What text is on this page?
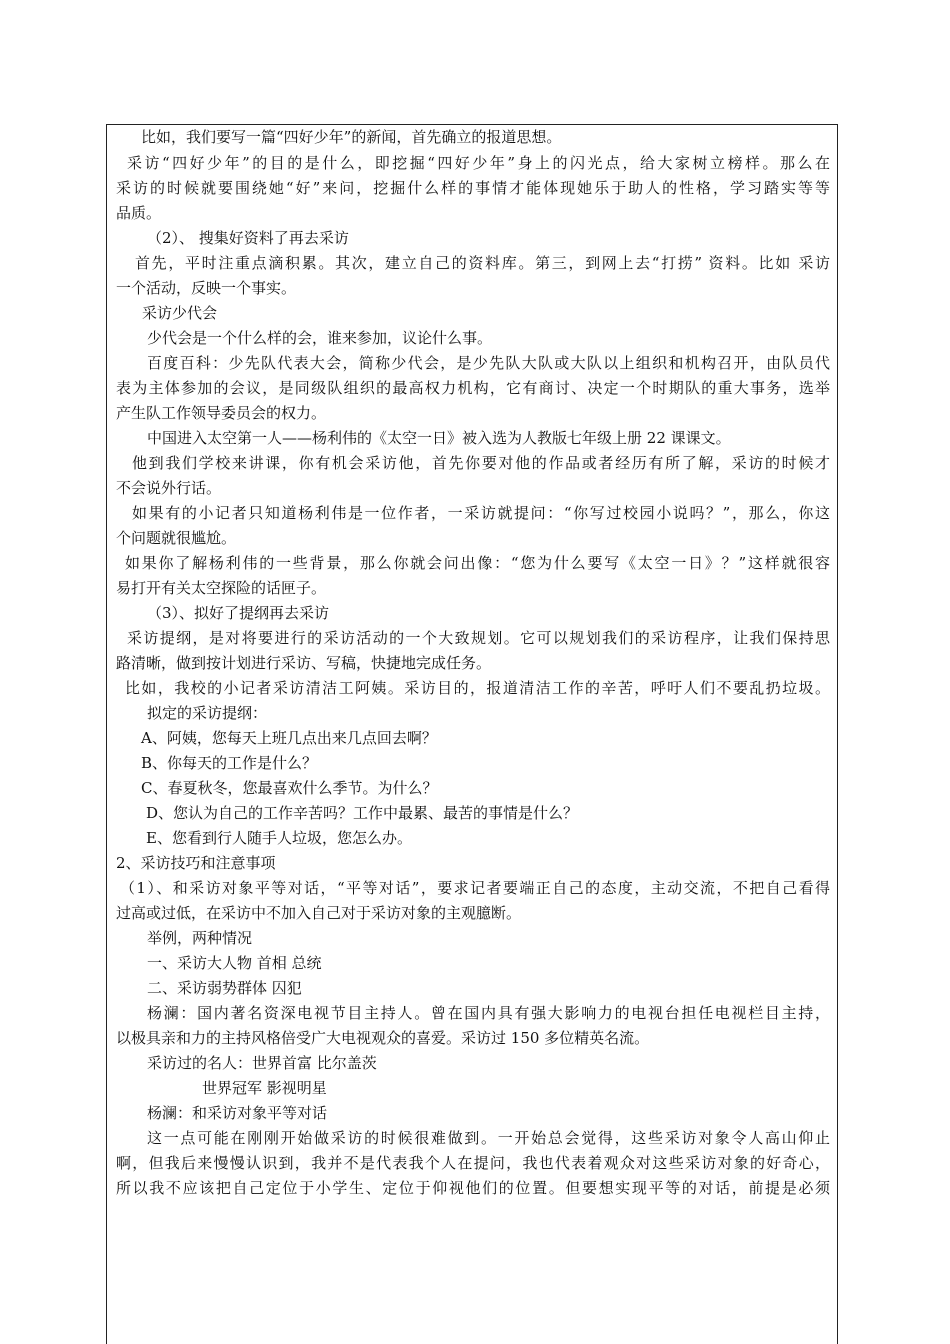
比如，我们要写一篇“四好少年”的新闻，首先确立的报道思想。
采访“四好少年”的目的是什么，即挖掘“四好少年”身上的闪光点，给大家树立榜样。那么在
采访的时候就要围绕她“好”来问，挖掘什么样的事情才能体现她乐于助人的性格，学习踏实等等
品质。
（2）、 搜集好资料了再去采访
首先，平时注重点滴积累。其次，建立自己的资料库。第三，到网上去“打捞” 资料。比如 采访
一个活动，反映一个事实。
采访少代会
少代会是一个什么样的会，谁来参加，议论什么事。
百度百科：少先队代表大会，简称少代会，是少先队大队或大队以上组织和机构召开，由队员代
表为主体参加的会议，是同级队组织的最高权力机构，它有商讨、决定一个时期队的重大事务，选举
产生队工作领导委员会的权力。
中国进入太空第一人——杨利伟的《太空一日》被入选为人教版七年级上册 22 课课文。
他到我们学校来讲课，你有机会采访他，首先你要对他的作品或者经历有所了解，采访的时候才
不会说外行话。
如果有的小记者只知道杨利伟是一位作者，一采访就提问：“你写过校园小说吗？”，那么，你这
个问题就很尴尬。
如果你了解杨利伟的一些背景，那么你就会问出像：“您为什么要写《太空一日》？”这样就很容
易打开有关太空探险的话匣子。
（3）、拟好了提纲再去采访
采访提纲，是对将要进行的采访活动的一个大致规划。它可以规划我们的采访程序，让我们保持思
路清晰，做到按计划进行采访、写稿，快捷地完成任务。
比如，我校的小记者采访清洁工阿姨。采访目的，报道清洁工作的辛苦，呼吁人们不要乱扔垃圾。
拟定的采访提纲：
A、阿姨，您每天上班几点出来几点回去啊？
B、你每天的工作是什么？
C、春夏秋冬，您最喜欢什么季节。为什么？
D、您认为自己的工作辛苦吗？工作中最累、最苦的事情是什么？
E、您看到行人随手人垃圾，您怎么办。
2、采访技巧和注意事项
（1）、和采访对象平等对话，“平等对话”，要求记者要端正自己的态度，主动交流，不把自己看得
过高或过低，在采访中不加入自己对于采访对象的主观臆断。
举例，两种情况
一、采访大人物 首相 总统
二、采访弱势群体 囚犯
杨澜：国内著名资深电视节目主持人。曾在国内具有强大影响力的电视台担任电视栏目主持，
以极具亲和力的主持风格倍受广大电视观众的喜爱。采访过 150 多位精英名流。
采访过的名人：世界首富 比尔盖茨
世界冠军 影视明星
杨澜：和采访对象平等对话
这一点可能在刚刚开始做采访的时候很难做到。一开始总会觉得，这些采访对象令人高山仰止
啊，但我后来慢慢认识到，我并不是代表我个人在提问，我也代表着观众对这些采访对象的好奇心，
所以我不应该把自己定位于小学生、定位于仰视他们的位置。但要想实现平等的对话，前提是必须
